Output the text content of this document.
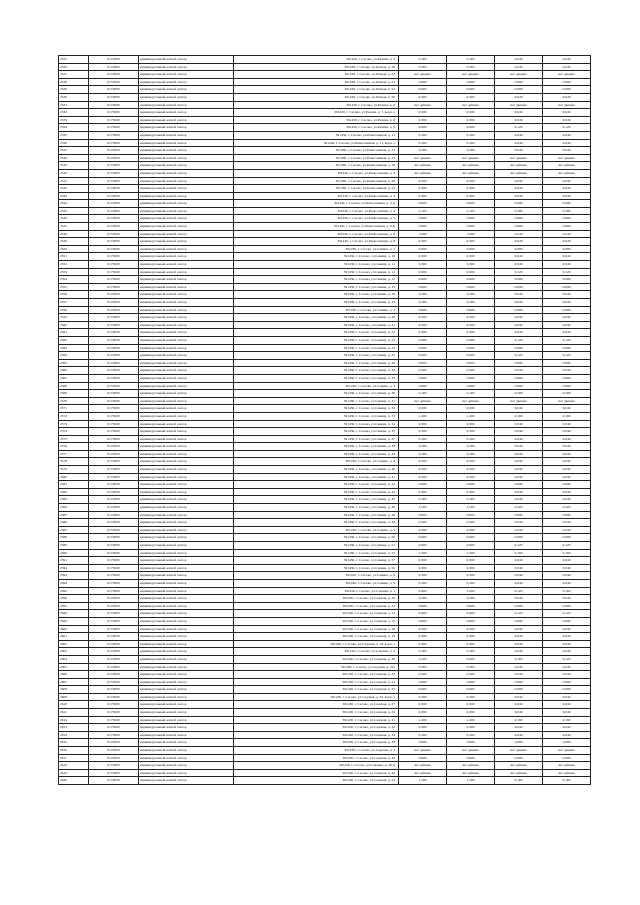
2525	6173000	индивидуальный жилой сектор	391430, г. Сасово, ул.Речная, д. 5	0,300	0,300	0,040	0,040
2526	6173000	индивидуальный жилой сектор	391430, г. Сасово, ул.Речная, д. 50	0,300	0,300	0,040	0,040
2527	6173000	индивидуальный жилой сектор	391430, г. Сасово, ул.Речная, д. 52	нет данных	нет данных	нет данных	нет данных
2528	6173000	индивидуальный жилой сектор	391430, г. Сасово, ул.Речная, д. 53	0,600	0,600	0,080	0,080
2529	6173000	индивидуальный жилой сектор	391430, г. Сасово, ул.Речная, д. 54	0,600	0,600	0,080	0,080
2530	6173000	индивидуальный жилой сектор	391430, г. Сасово, ул.Речная, д. 56	0,300	0,300	0,040	0,040
2531	6173000	индивидуальный жилой сектор	391430, г. Сасово, ул.Речная, д. 6	нет данных	нет данных	нет данных	нет данных
2532	6173000	индивидуальный жилой сектор	391430, г. Сасово, ул.Речная, д. 7, корп. а	0,300	0,300	0,040	0,040
2533	6173000	индивидуальный жилой сектор	391430, г. Сасово, ул.Речная, д. 8	0,300	0,300	0,040	0,040
2534	6173000	индивидуальный жилой сектор	391430, г. Сасово, ул.Речная, д. 9	0,900	0,900	0,120	0,120
2535	6173000	индивидуальный жилой сектор	391430, г. Сасово, ул.Ремесленная, д. 11	0,300	0,300	0,040	0,040
2536	6173000	индивидуальный жилой сектор	391430, г. Сасово, ул.Ремесленная, д. 11, корп. а	0,300	0,300	0,040	0,040
2537	6173000	индивидуальный жилой сектор	391430, г. Сасово, ул.Ремесленная, д. 13	0,300	0,300	0,040	0,040
2538	6173000	индивидуальный жилой сектор	391430, г. Сасово, ул.Ремесленная, д. 15	нет данных	нет данных	нет данных	нет данных
2539	6173000	индивидуальный жилой сектор	391430, г. Сасово, ул.Ремесленная, д. 19	нет данных	нет данных	нет данных	нет данных
2540	6173000	индивидуальный жилой сектор	391430, г. Сасово, ул.Ремесленная, д. 2	нет данных	нет данных	нет данных	нет данных
2541	6173000	индивидуальный жилой сектор	391430, г. Сасово, ул.Ремесленная, д. 20	0,300	0,300	0,040	0,040
2542	6173000	индивидуальный жилой сектор	391430, г. Сасово, ул.Ремесленная, д. 23	0,300	0,300	0,040	0,040
2543	6173000	индивидуальный жилой сектор	391430, г. Сасово, ул.Ремесленная, д. 3	0,300	0,300	0,040	0,040
2544	6173000	индивидуальный жилой сектор	391430, г. Сасово, ул.Ремесленная, д. 3 А	0,600	0,600	0,080	0,080
2545	6173000	индивидуальный жилой сектор	391430, г. Сасово, ул.Ремесленная, д. 4	2,100	2,100	0,280	0,280
2546	6173000	индивидуальный жилой сектор	391430, г. Сасово, ул.Ремесленная, д. 5	0,600	0,600	0,080	0,080
2547	6173000	индивидуальный жилой сектор	391430, г. Сасово, ул.Ремесленная, д. 6 А	0,600	0,600	0,080	0,080
2548	6173000	индивидуальный жилой сектор	391430, г. Сасово, ул.Ремесленная, д. 8	1,800	1,800	0,240	0,240
2549	6173000	индивидуальный жилой сектор	391430, г. Сасово, ул.Ремесленная, д. 9	0,300	0,300	0,040	0,040
2550	6173000	индивидуальный жилой сектор	391430, г. Сасово, ул.Савина, д. 1	0,600	0,600	0,080	0,080
2551	6173000	индивидуальный жилой сектор	391430, г. Сасово, ул.Савина, д. 10	0,300	0,300	0,040	0,040
2552	6173000	индивидуальный жилой сектор	391430, г. Сасово, ул.Савина, д. 11	0,300	0,300	0,040	0,040
2553	6173000	индивидуальный жилой сектор	391430, г. Сасово, ул.Савина, д. 12	0,900	0,900	0,120	0,120
2554	6173000	индивидуальный жилой сектор	391430, г. Сасово, ул.Савина, д. 13	0,600	0,600	0,080	0,080
2555	6173000	индивидуальный жилой сектор	391430, г. Сасово, ул.Савина, д. 15	0,600	0,600	0,080	0,080
2556	6173000	индивидуальный жилой сектор	391430, г. Сасово, ул.Савина, д. 16	0,300	0,300	0,040	0,040
2557	6173000	индивидуальный жилой сектор	391430, г. Сасово, ул.Савина, д. 19	0,300	0,300	0,040	0,040
2558	6173000	индивидуальный жилой сектор	391430, г. Сасово, ул.Савина, д. 2	0,600	0,600	0,080	0,080
2559	6173000	индивидуальный жилой сектор	391430, г. Сасово, ул.Савина, д. 20	0,300	0,300	0,040	0,040
2560	6173000	индивидуальный жилой сектор	391430, г. Сасово, ул.Савина, д. 21	0,300	0,300	0,040	0,040
2561	6173000	индивидуальный жилой сектор	391430, г. Сасово, ул.Савина, д. 22	0,300	0,300	0,040	0,040
2562	6173000	индивидуальный жилой сектор	391430, г. Сасово, ул.Савина, д. 23	0,900	0,900	0,120	0,120
2563	6173000	индивидуальный жилой сектор	391430, г. Сасово, ул.Савина, д. 24	0,600	0,600	0,080	0,080
2564	6173000	индивидуальный жилой сектор	391430, г. Сасово, ул.Савина, д. 25	0,900	0,900	0,120	0,120
2565	6173000	индивидуальный жилой сектор	391430, г. Сасово, ул.Савина, д. 26	0,600	0,600	0,080	0,080
2566	6173000	индивидуальный жилой сектор	391430, г. Сасово, ул.Савина, д. 28	0,300	0,300	0,040	0,040
2567	6173000	индивидуальный жилой сектор	391430, г. Сасово, ул.Савина, д. 29	0,600	0,600	0,080	0,080
2568	6173000	индивидуальный жилой сектор	391430, г. Сасово, ул.Савина, д. 3	0,600	0,600	0,080	0,080
2569	6173000	индивидуальный жилой сектор	391430, г. Сасово, ул.Савина, д. 30	2,100	2,100	0,280	0,280
2570	6173000	индивидуальный жилой сектор	391430, г. Сасово, ул.Савина, д. 31	нет данных	нет данных	нет данных	нет данных
2571	6173000	индивидуальный жилой сектор	391430, г. Сасово, ул.Савина, д. 32	0,300	0,300	0,040	0,040
2572	6173000	индивидуальный жилой сектор	391430, г. Сасово, ул.Савина, д. 33	1,200	1,200	0,160	0,160
2573	6173000	индивидуальный жилой сектор	391430, г. Сасово, ул.Савина, д. 34	0,300	0,300	0,040	0,040
2574	6173000	индивидуальный жилой сектор	391430, г. Сасово, ул.Савина, д. 35	0,300	0,300	0,040	0,040
2575	6173000	индивидуальный жилой сектор	391430, г. Сасово, ул.Савина, д. 37	0,300	0,300	0,040	0,040
2576	6173000	индивидуальный жилой сектор	391430, г. Сасово, ул.Савина, д. 38	0,300	0,300	0,040	0,040
2577	6173000	индивидуальный жилой сектор	391430, г. Сасово, ул.Савина, д. 39	0,300	0,300	0,040	0,040
2578	6173000	индивидуальный жилой сектор	391430, г. Сасово, ул.Савина, д. 4	0,300	0,300	0,040	0,040
2579	6173000	индивидуальный жилой сектор	391430, г. Сасово, ул.Савина, д. 40	0,300	0,300	0,040	0,040
2580	6173000	индивидуальный жилой сектор	391430, г. Сасово, ул.Савина, д. 41	0,300	0,300	0,040	0,040
2581	6173000	индивидуальный жилой сектор	391430, г. Сасово, ул.Савина, д. 42	0,600	0,600	0,080	0,080
2582	6173000	индивидуальный жилой сектор	391430, г. Сасово, ул.Савина, д. 44	0,300	0,300	0,040	0,040
2583	6173000	индивидуальный жилой сектор	391430, г. Сасово, ул.Савина, д. 45	0,300	0,300	0,040	0,040
2584	6173000	индивидуальный жилой сектор	391430, г. Сасово, ул.Савина, д. 46	1,500	1,500	0,200	0,200
2585	6173000	индивидуальный жилой сектор	391430, г. Сасово, ул.Савина, д. 46	0,600	0,600	0,080	0,080
2586	6173000	индивидуальный жилой сектор	391430, г. Сасово, ул.Савина, д. 49	0,300	0,300	0,040	0,040
2587	6173000	индивидуальный жилой сектор	391430, г. Сасово, ул.Савина, д. 5	0,300	0,300	0,040	0,040
2588	6173000	индивидуальный жилой сектор	391430, г. Сасово, ул.Савина, д. 50	0,600	0,600	0,080	0,080
2589	6173000	индивидуальный жилой сектор	391430, г. Сасово, ул.Савина, д. 51	0,900	0,900	0,120	0,120
2590	6173000	индивидуальный жилой сектор	391430, г. Сасово, ул.Савина, д. 53	1,200	1,200	0,160	0,160
2591	6173000	индивидуальный жилой сектор	391430, г. Сасово, ул.Савина, д. 57	0,300	0,300	0,040	0,040
2592	6173000	индивидуальный жилой сектор	391430, г. Сасово, ул.Савина, д. 59	0,300	0,300	0,040	0,040
2593	6173000	индивидуальный жилой сектор	391430, г. Сасово, ул.Савина, д. 8	0,300	0,300	0,040	0,040
2594	6173000	индивидуальный жилой сектор	391430, г. Сасово, ул.Савина, д. 9	0,300	0,300	0,040	0,040
2595	6173000	индивидуальный жилой сектор	391430, г. Сасово, ул.Садовая, д. 1	0,900	1,200	0,120	0,160
2596	6173000	индивидуальный жилой сектор	391430, г. Сасово, ул.Садовая, д. 10	0,300	0,300	0,040	0,040
2597	6173000	индивидуальный жилой сектор	391430, г. Сасово, ул.Садовая, д. 12	0,600	0,600	0,080	0,080
2598	6173000	индивидуальный жилой сектор	391430, г. Сасово, ул.Садовая, д. 14	0,900	0,900	0,120	0,120
2599	6173000	индивидуальный жилой сектор	391430, г. Сасово, ул.Садовая, д. 15	0,600	0,600	0,080	0,080
2600	6173000	индивидуальный жилой сектор	391430, г. Сасово, ул.Садовая, д. 16	0,300	0,300	0,040	0,040
2601	6173000	индивидуальный жилой сектор	391430, г. Сасово, ул.Садовая, д. 19	0,300	0,300	0,040	0,040
2602	6173000	индивидуальный жилой сектор	391430, г. Сасово, ул.Садовая, д. 19, корп. а	0,300	0,300	0,040	0,040
2603	6173000	индивидуальный жилой сектор	391430, г. Сасово, ул.Садовая, д. 2	0,300	0,300	0,040	0,040
2604	6173000	индивидуальный жилой сектор	391430, г. Сасово, ул.Садовая, д. 20	1,200	0,900	0,160	0,120
2605	6173000	индивидуальный жилой сектор	391430, г. Сасово, ул.Садовая, д. 21а	0,300	0,300	0,040	0,040
2606	6173000	индивидуальный жилой сектор	391430, г. Сасово, ул.Садовая, д. 23	0,300	0,300	0,040	0,040
2607	6173000	индивидуальный жилой сектор	391430, г. Сасово, ул.Садовая, д. 24	0,600	0,600	0,080	0,080
2608	6173000	индивидуальный жилой сектор	391430, г. Сасово, ул.Садовая, д. 25	0,600	0,600	0,080	0,080
2609	6173000	индивидуальный жилой сектор	391430, г. Сасово, ул.Садовая, д. 25, корп. а	0,300	0,300	0,040	0,040
2610	6173000	индивидуальный жилой сектор	391430, г. Сасово, ул.Садовая, д. 27	0,300	0,300	0,040	0,040
2611	6173000	индивидуальный жилой сектор	391430, г. Сасово, ул.Садовая, д. 29	0,300	0,300	0,040	0,040
2612	6173000	индивидуальный жилой сектор	391430, г. Сасово, ул.Садовая, д. 31	1,200	1,200	0,160	0,160
2613	6173000	индивидуальный жилой сектор	391430, г. Сасово, ул.Садовая, д. 32	0,300	0,300	0,040	0,040
2614	6173000	индивидуальный жилой сектор	391430, г. Сасово, ул.Садовая, д. 34	0,300	0,300	0,040	0,040
2615	6173000	индивидуальный жилой сектор	391430, г. Сасово, ул.Садовая, д. 38	0,600	0,600	0,080	0,080
2616	6173000	индивидуальный жилой сектор	391430, г. Сасово, ул.Садовая, д. 4	нет данных	нет данных	нет данных	нет данных
2617	6173000	индивидуальный жилой сектор	391430, г. Сасово, ул.Садовая, д. 40	0,600	0,600	0,080	0,080
2618	6173000	индивидуальный жилой сектор	391430, г. Сасово, ул.Садовая, д. 40 А	нет данных	нет данных	нет данных	нет данных
2619	6173000	индивидуальный жилой сектор	391430, г. Сасово, ул.Садовая, д. 42	нет данных	нет данных	нет данных	нет данных
2620	6173000	индивидуальный жилой сектор	391430, г. Сасово, ул.Садовая, д. 44	1,200	1,200	0,160	0,160
